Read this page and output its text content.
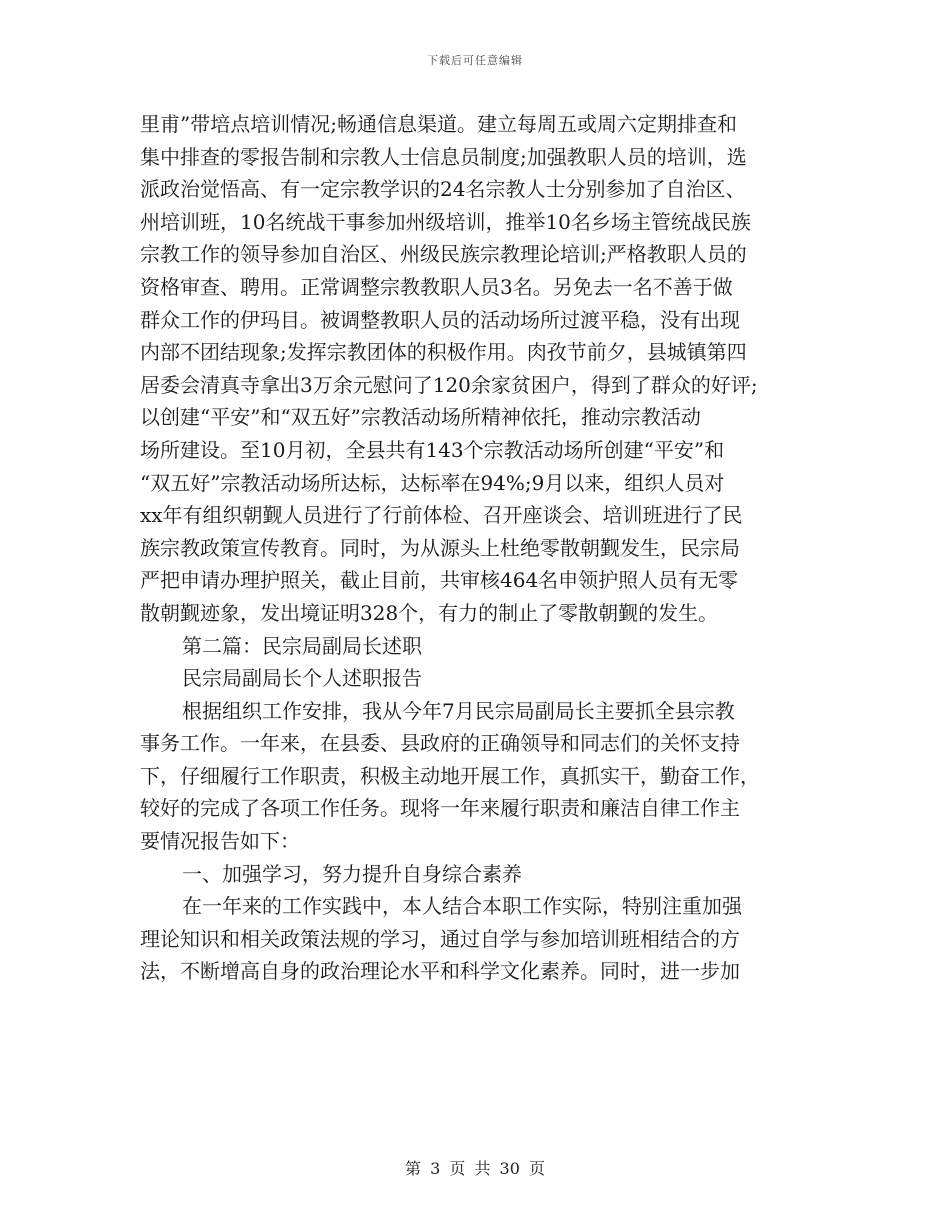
下载后可任意编辑
里甫”带培点培训情况;畅通信息渠道。建立每周五或周六定期排查和
集中排查的零报告制和宗教人士信息员制度;加强教职人员的培训，选
派政治觉悟高、有一定宗教学识的24名宗教人士分别参加了自治区、
州培训班，10名统战干事参加州级培训，推举10名乡场主管统战民族
宗教工作的领导参加自治区、州级民族宗教理论培训;严格教职人员的
资格审查、聘用。正常调整宗教教职人员3名。另免去一名不善于做
群众工作的伊玛目。被调整教职人员的活动场所过渡平稳，没有出现
内部不团结现象;发挥宗教团体的积极作用。肉孜节前夕，县城镇第四
居委会清真寺拿出3万余元慰问了120余家贫困户，得到了群众的好评;
以创建“平安”和“双五好”宗教活动场所精神依托，推动宗教活动
场所建设。至10月初，全县共有143个宗教活动场所创建“平安”和
“双五好”宗教活动场所达标，达标率在94%;9月以来，组织人员对
xx年有组织朝觐人员进行了行前体检、召开座谈会、培训班进行了民
族宗教政策宣传教育。同时，为从源头上杜绝零散朝觐发生，民宗局
严把申请办理护照关，截止目前，共审核464名申领护照人员有无零
散朝觐迹象，发出境证明328个，有力的制止了零散朝觐的发生。
第二篇：民宗局副局长述职
民宗局副局长个人述职报告
根据组织工作安排，我从今年7月民宗局副局长主要抓全县宗教
事务工作。一年来，在县委、县政府的正确领导和同志们的关怀支持
下，仔细履行工作职责，积极主动地开展工作，真抓实干，勤奋工作，
较好的完成了各项工作任务。现将一年来履行职责和廉洁自律工作主
要情况报告如下：
一、加强学习，努力提升自身综合素养
在一年来的工作实践中，本人结合本职工作实际，特别注重加强
理论知识和相关政策法规的学习，通过自学与参加培训班相结合的方
法，不断增高自身的政治理论水平和科学文化素养。同时，进一步加
第 3 页 共 30 页
